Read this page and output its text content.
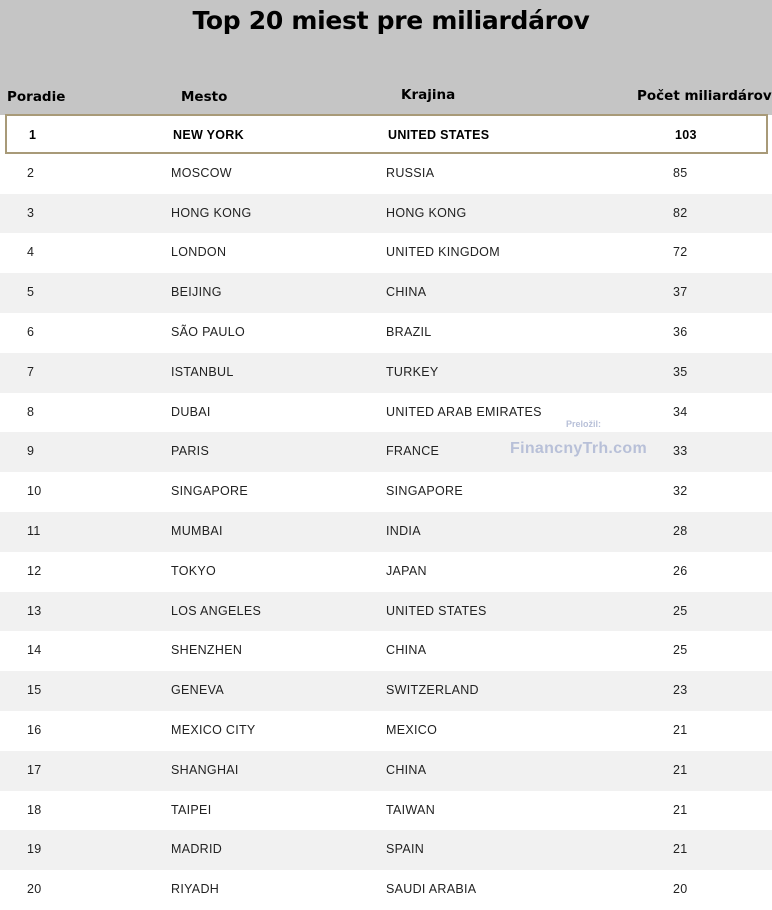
Top 20 miest pre miliardárov
Poradie	Mesto	Krajina	Počet miliardárov
1	NEW YORK	UNITED STATES	103
2	MOSCOW	RUSSIA	85
3	HONG KONG	HONG KONG	82
4	LONDON	UNITED KINGDOM	72
5	BEIJING	CHINA	37
6	SÃO PAULO	BRAZIL	36
7	ISTANBUL	TURKEY	35
8	DUBAI	UNITED ARAB EMIRATES	34
9	PARIS	FRANCE	33
10	SINGAPORE	SINGAPORE	32
11	MUMBAI	INDIA	28
12	TOKYO	JAPAN	26
13	LOS ANGELES	UNITED STATES	25
14	SHENZHEN	CHINA	25
15	GENEVA	SWITZERLAND	23
16	MEXICO CITY	MEXICO	21
17	SHANGHAI	CHINA	21
18	TAIPEI	TAIWAN	21
19	MADRID	SPAIN	21
20	RIYADH	SAUDI ARABIA	20
Preložil:
FinancnyTrh.com
